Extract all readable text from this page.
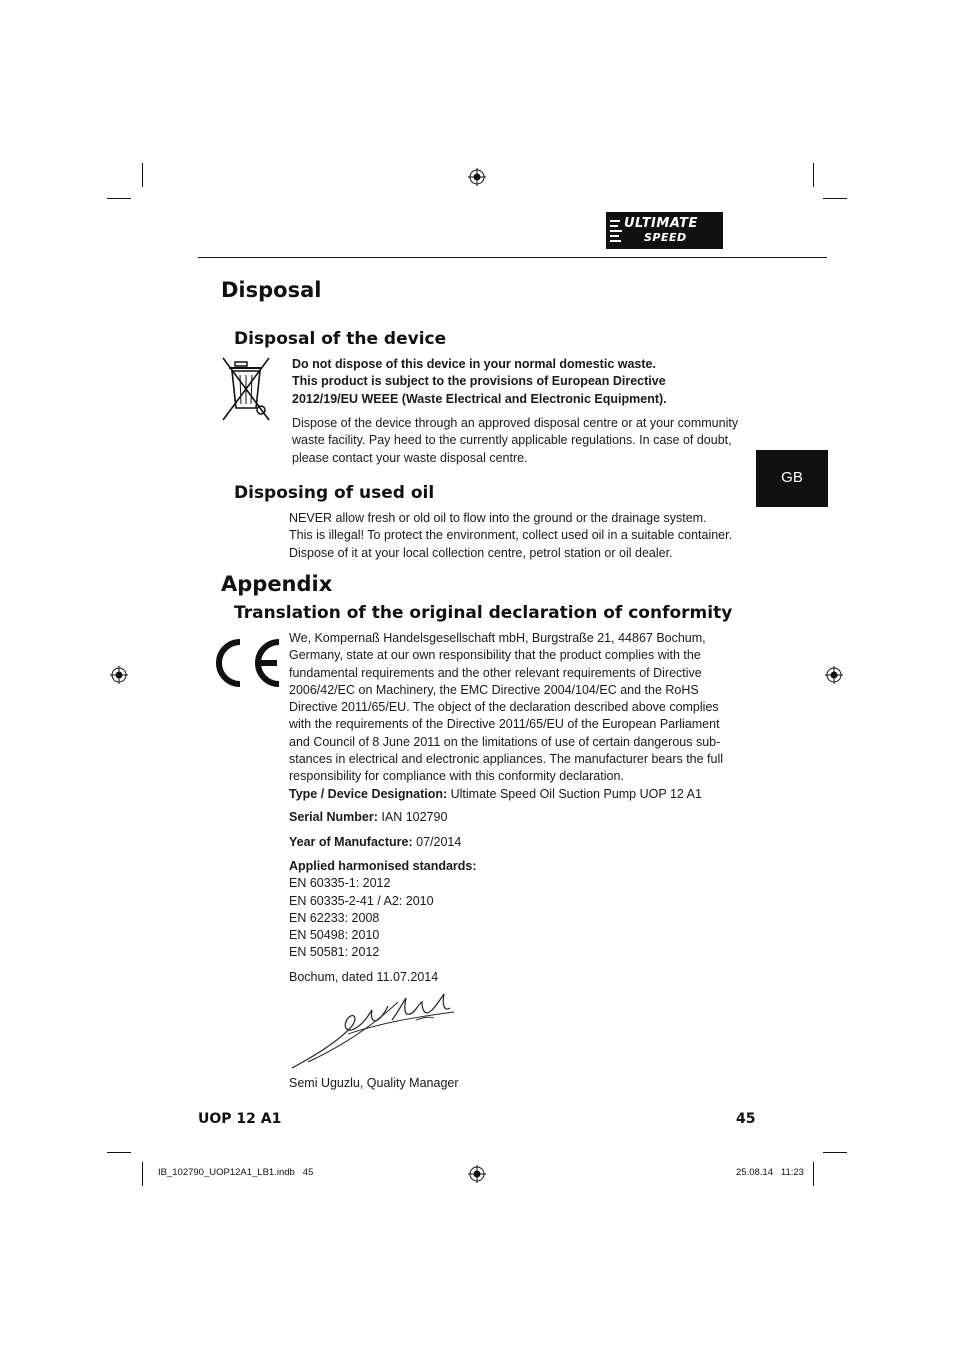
ULTIMATE
SPEED
GB
Disposal
Disposal of the device
Do not dispose of this device in your normal domestic waste.
This product is subject to the provisions of European Directive
2012/19/EU WEEE (Waste Electrical and Electronic Equipment).
Dispose of the device through an approved disposal centre or at your community
waste facility. Pay heed to the currently applicable regulations. In case of doubt,
please contact your waste disposal centre.
Disposing of used oil
NEVER allow fresh or old oil to flow into the ground or the drainage system.
This is illegal! To protect the environment, collect used oil in a suitable container.
Dispose of it at your local collection centre, petrol station or oil dealer.
Appendix
Translation of the original declaration of conformity
We, Kompernaß Handelsgesellschaft mbH, Burgstraße 21, 44867 Bochum,
Germany, state at our own responsibility that the product complies with the
fundamental requirements and the other relevant requirements of Directive
2006/42/EC on Machinery, the EMC Directive 2004/104/EC and the RoHS
Directive 2011/65/EU. The object of the declaration described above complies
with the requirements of the Directive 2011/65/EU of the European Parliament
and Council of 8 June 2011 on the limitations of use of certain dangerous sub-
stances in electrical and electronic appliances. The manufacturer bears the full
responsibility for compliance with this conformity declaration.
Type / Device Designation: Ultimate Speed Oil Suction Pump UOP 12 A1
Serial Number: IAN 102790
Year of Manufacture: 07/2014
Applied harmonised standards:
EN 60335-1: 2012
EN 60335-2-41 / A2: 2010
EN 62233: 2008
EN 50498: 2010
EN 50581: 2012
Bochum, dated 11.07.2014
Semi Uguzlu, Quality Manager
UOP 12 A1	45
IB_102790_UOP12A1_LB1.indb   45	25.08.14   11:23
